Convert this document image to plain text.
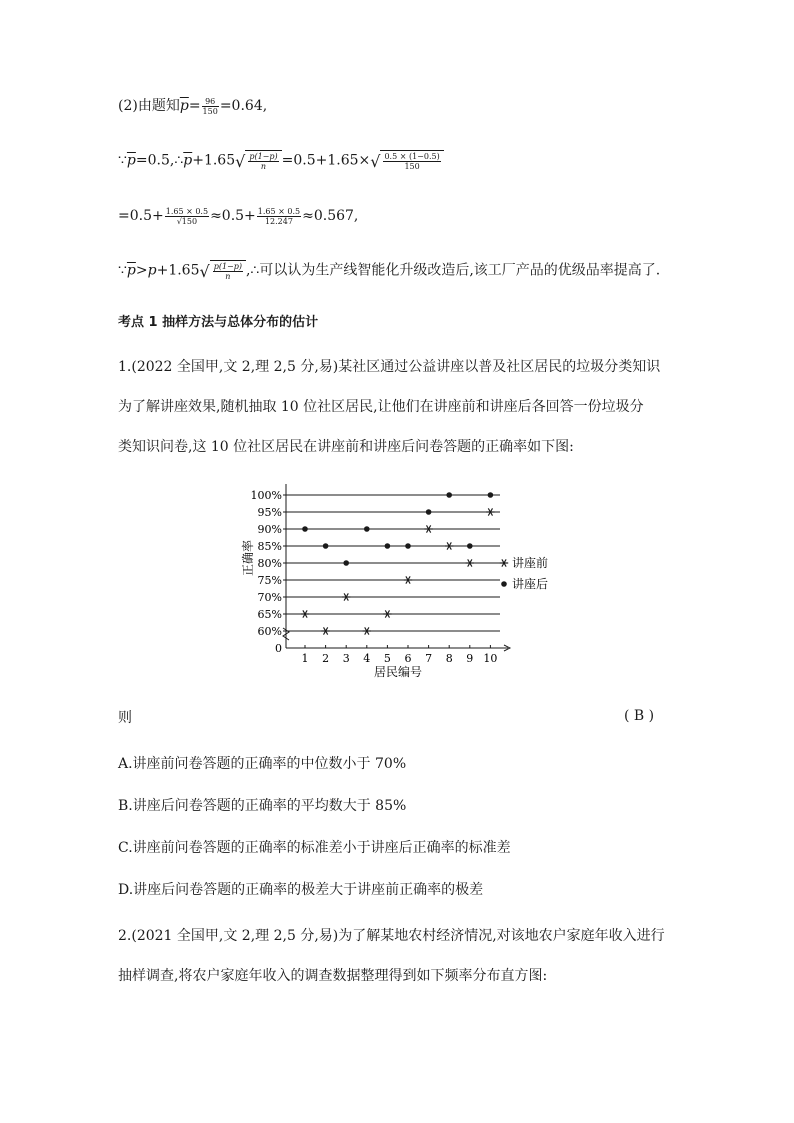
(2)由题知$\overline{p}= \frac{96}{150} =0.64$,
$\because\overline{p}=0.5,\therefore\overline{p}+1.65√ \frac{p(1-p)}{n} =0.5+1.65\times√ \frac{0.5 \times (1-0.5)}{150}$
$=0.5+ \frac{1.65 \times 0.5}{√150} \approx 0.5+ \frac{1.65 \times 0.5}{12.247} \approx 0.567$,
$\because\overline{p}>p+1.65√ \frac{p(1-p)}{n}$ ,∴可以认为生产线智能化升级改造后,该工厂产品的优级品率提高了.
考点 1 抽样方法与总体分布的估计
1.(2022 全国甲,文 2,理 2,5 分,易)某社区通过公益讲座以普及社区居民的垃圾分类知识
为了解讲座效果,随机抽取 10 位社区居民,让他们在讲座前和讲座后各回答一份垃圾分
类知识问卷,这 10 位社区居民在讲座前和讲座后问卷答题的正确率如下图:
0
60%
65%
70%
75%
80%
85%
90%
95%
100%
1 2 3 4 5 6 7 8 9 10
讲座前
讲座后
正确率
居民编号
则	( B )
A.讲座前问卷答题的正确率的中位数小于 70%
B.讲座后问卷答题的正确率的平均数大于 85%
C.讲座前问卷答题的正确率的标准差小于讲座后正确率的标准差
D.讲座后问卷答题的正确率的极差大于讲座前正确率的极差
2.(2021 全国甲,文 2,理 2,5 分,易)为了解某地农村经济情况,对该地农户家庭年收入进行
抽样调查,将农户家庭年收入的调查数据整理得到如下频率分布直方图:
